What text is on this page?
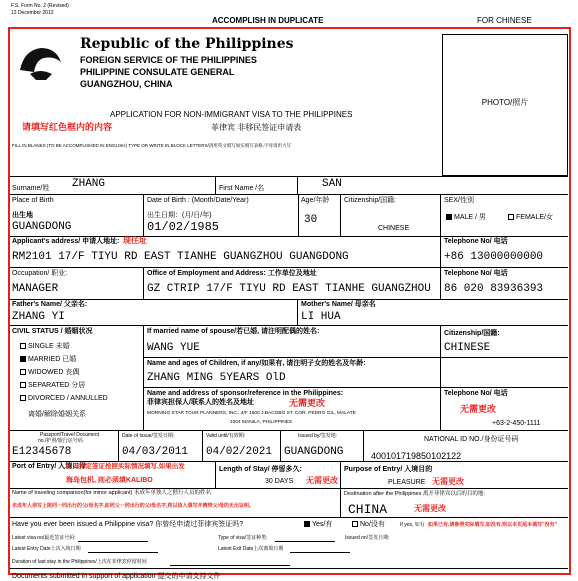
F.S. Form No. 2 (Revised)
13 December 2012
ACCOMPLISH IN DUPLICATE	FOR CHINESE
Republic of the Philippines
FOREIGN SERVICE OF THE PHILIPPINES
PHILIPPINE CONSULATE GENERAL
GUANGZHOU, CHINA
PHOTO/照片
请填写红色框内的内容
APPLICATION FOR NON-IMMIGRANT VISA TO THE PHILIPPINES
菲律宾 非移民签证申请表
FILL IN BLANKS (TO BE ACCOMPLISHED IN ENGLISH) TYPE OR WRITE IN BLOCK LETTERS/请用英文填写如实填写表格,字母请用大写
Surname/姓 ZHANG	First Name /名	SAN
Place of Birth
出生地
GUANGDONG
Date of Birth : (Month/Date/Year)
出生日期：(月/日/年)
01/02/1985
Age/年龄
30
Citizenship/国籍:
CHINESE
SEX/性别
MALE / 男	FEMALE/女
Applicant's address/ 申请人地址: 现住址
RM2101 17/F TIYU RD EAST TIANHE GUANGZHOU GUANGDONG
Telephone No/ 电话
+86 13000000000
Occupation/ 职业:
MANAGER
Office of Employment and Address: 工作单位及地址
GZ CTRIP 17/F TIYU RD EAST TIANHE GUANGZHOU
Telephone No/ 电话
86 020 83936393
Father's Name/ 父亲名:
ZHANG YI
Mother's Name/ 母亲名
LI HUA
CIVIL STATUS / 婚姻状况
SINGLE 未婚
MARRIED 已婚
WIDOWED 丧偶
SEPARATED 分居
DIVORCED / ANNULLED
离婚/解除婚姻关系
If married name of spouse/若已婚, 请注明配偶的姓名:
WANG YUE
Citizenship/国籍:
CHINESE
Name and ages of Children, if any/如果有, 请注明子女的姓名及年龄:
ZHANG MING 5YEARS OlD
Name and address of sponsor/reference in the Philippines:
菲律宾担保人/联系人的姓名及地址	无需更改
MORNING STAR TOUR PLANNERS, INC., 4/F 1600 J.BACOBO ST. COR. PEDRO GIL, MALATE
1004 MANILA, PHILIPPINES
Telephone No/ 电话
无需更改
+63-2-450-1111
Passport/Travel Document
no./护照/旅行证号码
E12345678
Date of Issue/签发日期:
04/03/2011
Valid until/有效期:
04/02/2021
Issued by/签发地:
GUANGDONG
NATIONAL ID NO./身份证号码
400101719850102122
Port of Entry/ 入境口岸
如无特定签证按照实际情况填写,如果出发
海岛包机, 则必须填KALIBO
Length of Stay/ 停留多久:
30 DAYS 无需更改
Purpose of Entry/ 入境目的
PLEASURE 无需更改
Name of traveling companion(for minor applicant) 未成年单独人之偕行人员的姓名
未成年人须写上陪同一同出行的父/母名字,如同父一同出行的父/母名字,则以该人填写并携带父/母的无出证明。
Destination after the Philippines 离开菲律宾以后的目的地:
CHINA	无需更改
Have you ever been issued a Philippine visa? 你曾经申请过菲律宾签证吗?	Yes/有	No/没有	If yes, 如有 如果已有,请参照实际填写,如没有,则以本页尾本填写"没有"
Latest visa no/最近签证号码:	Type of visa/签证种类:	Issued on/签发日期:
Latest Entry Date上次入境日期	Latest Exit Date上次离境日期
Duration of last stay in the Philippines/上次在菲律宾停留时间
Documents submitted in support of application 提交的申请支持文件
